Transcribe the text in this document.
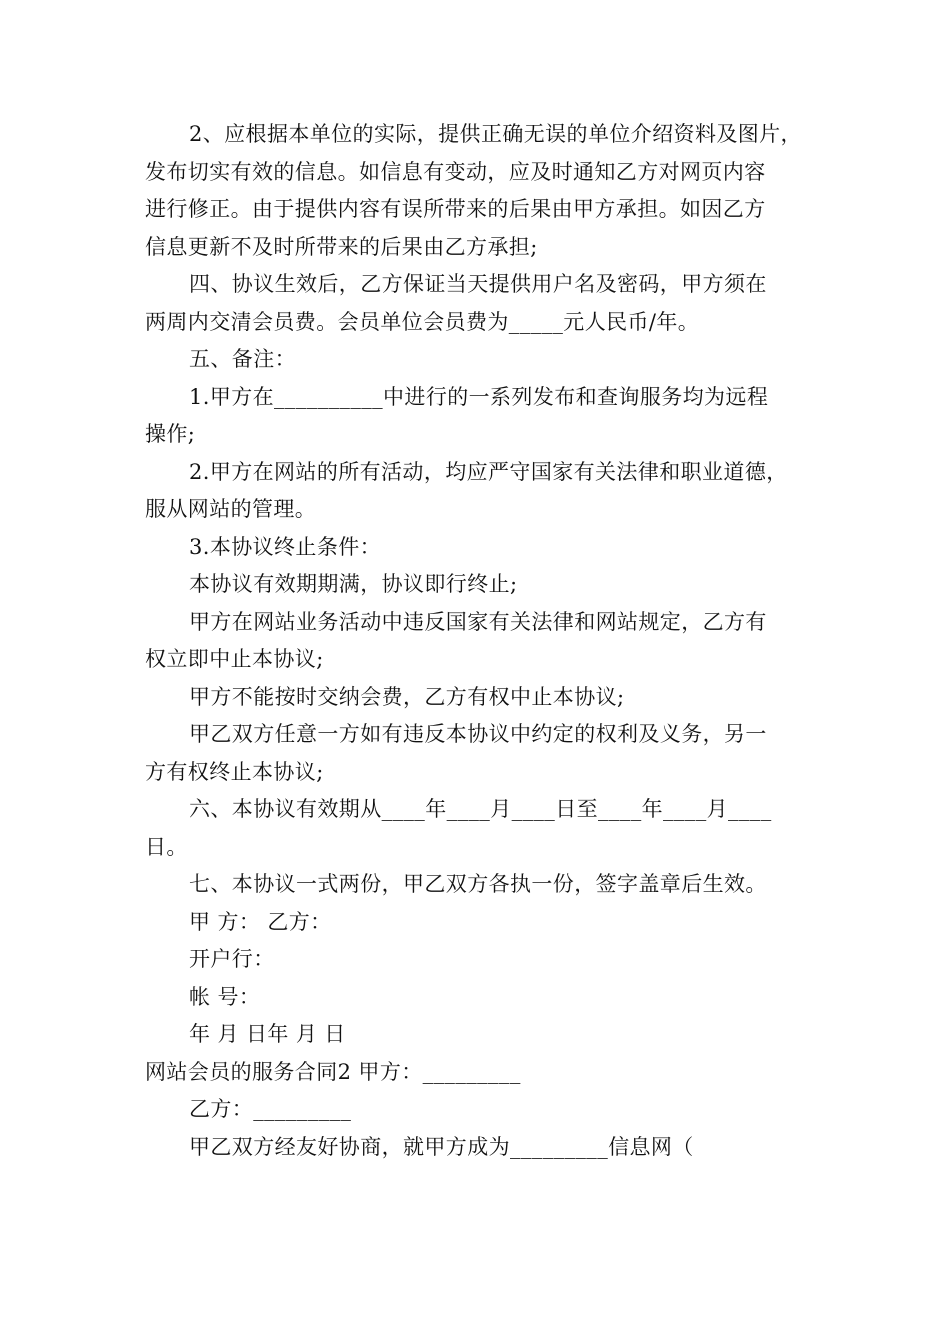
2、应根据本单位的实际，提供正确无误的单位介绍资料及图片，
发布切实有效的信息。如信息有变动，应及时通知乙方对网页内容
进行修正。由于提供内容有误所带来的后果由甲方承担。如因乙方
信息更新不及时所带来的后果由乙方承担;
四、协议生效后，乙方保证当天提供用户名及密码，甲方须在
两周内交清会员费。会员单位会员费为_____元人民币/年。
五、备注：
1.甲方在__________中进行的一系列发布和查询服务均为远程
操作;
2.甲方在网站的所有活动，均应严守国家有关法律和职业道德，
服从网站的管理。
3.本协议终止条件：
本协议有效期期满，协议即行终止;
甲方在网站业务活动中违反国家有关法律和网站规定，乙方有
权立即中止本协议;
甲方不能按时交纳会费，乙方有权中止本协议;
甲乙双方任意一方如有违反本协议中约定的权利及义务，另一
方有权终止本协议;
六、本协议有效期从____年____月____日至____年____月____
日。
七、本协议一式两份，甲乙双方各执一份，签字盖章后生效。
甲 方： 乙方：
开户行：
帐 号：
年 月 日年 月 日
网站会员的服务合同2 甲方：_________
乙方：_________
甲乙双方经友好协商，就甲方成为_________信息网（
